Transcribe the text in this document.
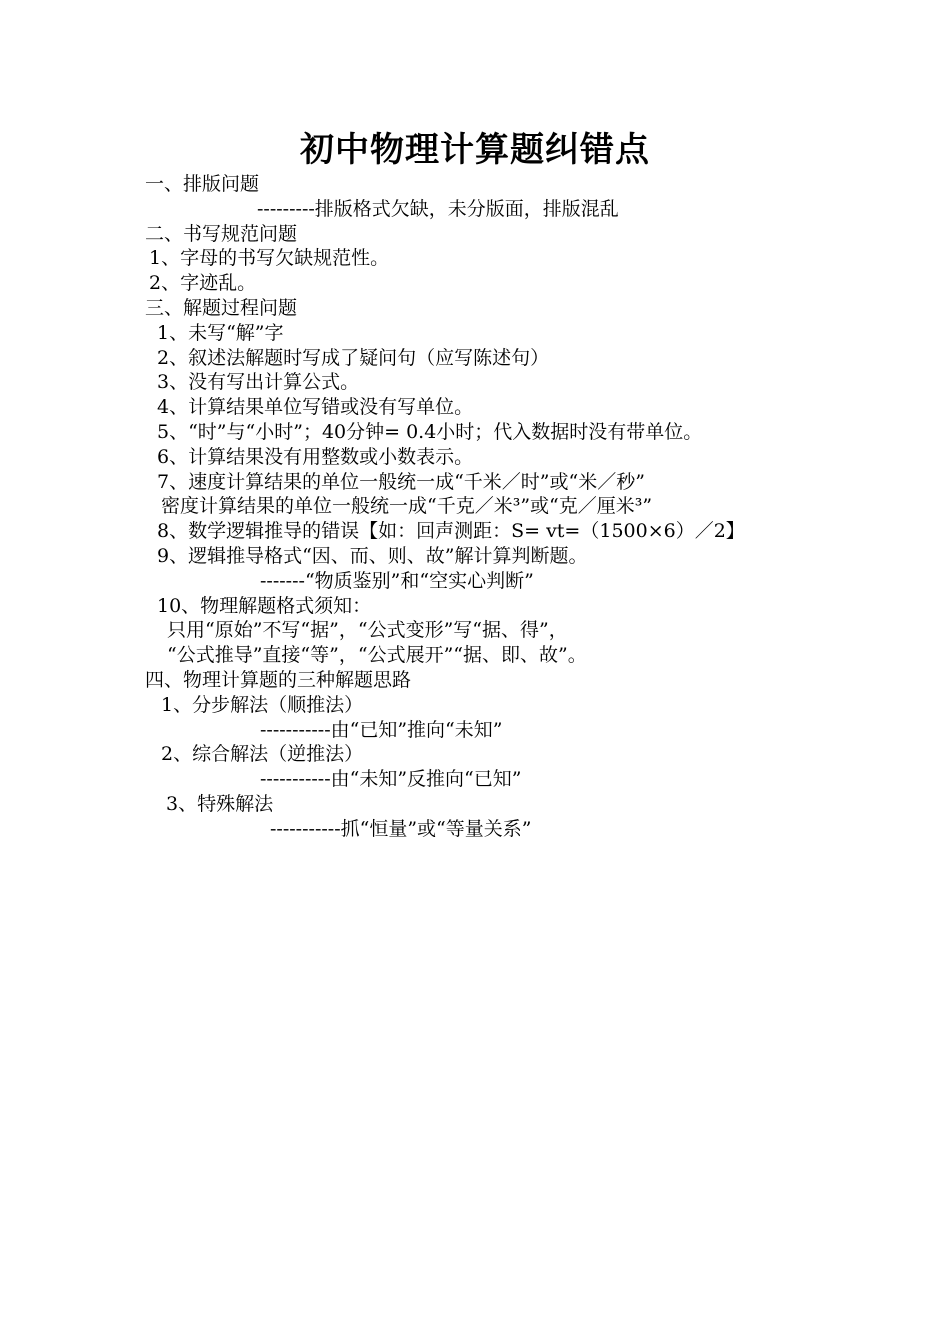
初中物理计算题纠错点
一、排版问题
---------排版格式欠缺，未分版面，排版混乱
二、书写规范问题
1、字母的书写欠缺规范性。
2、字迹乱。
三、解题过程问题
1、未写“解”字
2、叙述法解题时写成了疑问句（应写陈述句）
3、没有写出计算公式。
4、计算结果单位写错或没有写单位。
5、“时”与“小时”；40分钟= 0.4小时；代入数据时没有带单位。
6、计算结果没有用整数或小数表示。
7、速度计算结果的单位一般统一成“千米／时”或“米／秒”
密度计算结果的单位一般统一成“千克／米³”或“克／厘米³”
8、数学逻辑推导的错误【如：回声测距：S= vt=（1500×6）／2】
9、逻辑推导格式“因、而、则、故”解计算判断题。
-------“物质鉴别”和“空实心判断”
10、物理解题格式须知：
只用“原始”不写“据”，“公式变形”写“据、得”，
“公式推导”直接“等”，“公式展开”“据、即、故”。
四、物理计算题的三种解题思路
1、分步解法（顺推法）
-----------由“已知”推向“未知”
2、综合解法（逆推法）
-----------由“未知”反推向“已知”
3、特殊解法
-----------抓“恒量”或“等量关系”
